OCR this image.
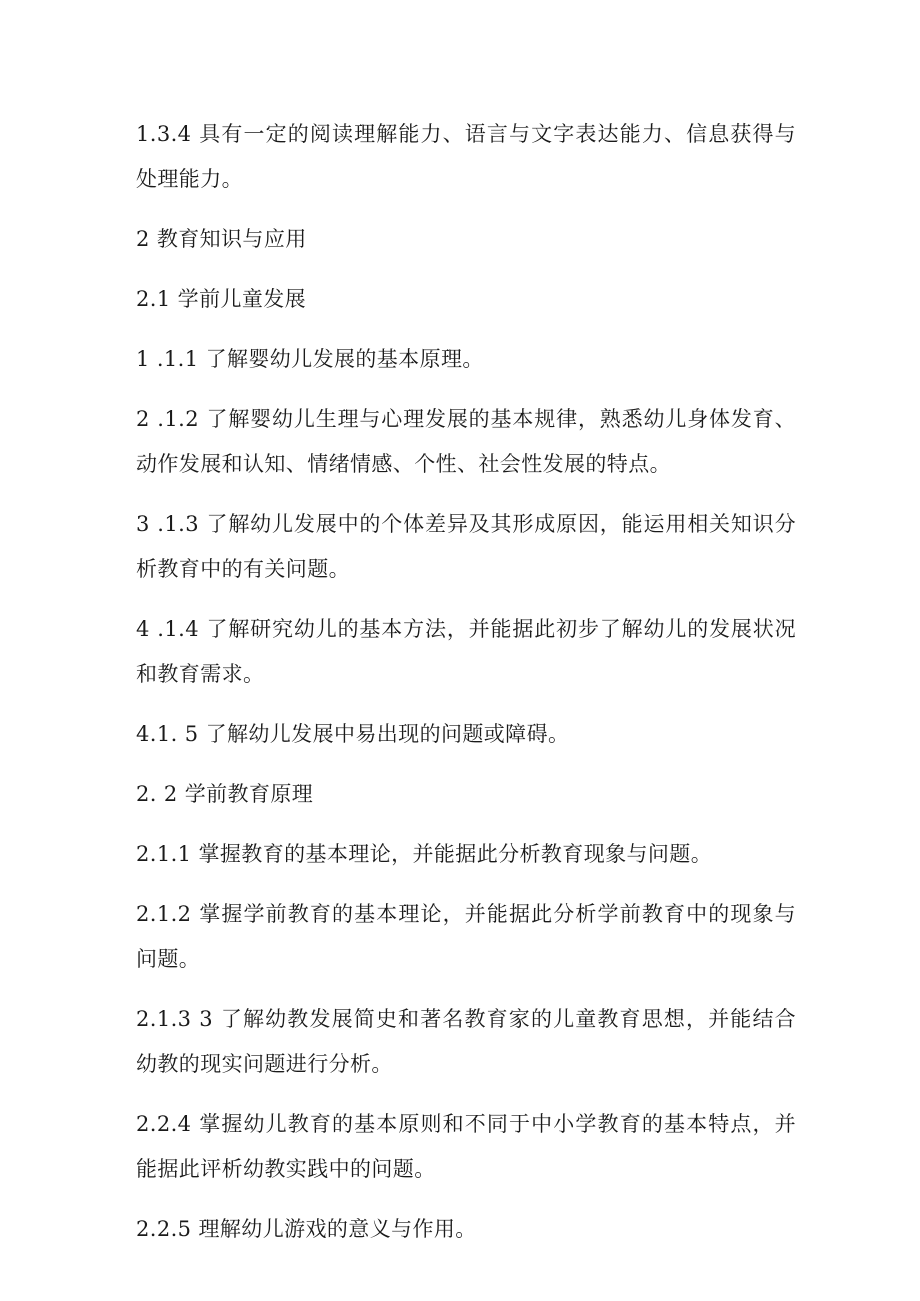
1.3.4 具有一定的阅读理解能力、语言与文字表达能力、信息获得与处理能力。

2 教育知识与应用

2.1 学前儿童发展

1 .1.1 了解婴幼儿发展的基本原理。

2 .1.2 了解婴幼儿生理与心理发展的基本规律，熟悉幼儿身体发育、动作发展和认知、情绪情感、个性、社会性发展的特点。

3 .1.3 了解幼儿发展中的个体差异及其形成原因，能运用相关知识分析教育中的有关问题。

4 .1.4 了解研究幼儿的基本方法，并能据此初步了解幼儿的发展状况和教育需求。

4.1. 5 了解幼儿发展中易出现的问题或障碍。

2. 2 学前教育原理

2.1.1 掌握教育的基本理论，并能据此分析教育现象与问题。

2.1.2 掌握学前教育的基本理论，并能据此分析学前教育中的现象与问题。

2.1.3 3 了解幼教发展简史和著名教育家的儿童教育思想，并能结合幼教的现实问题进行分析。

2.2.4 掌握幼儿教育的基本原则和不同于中小学教育的基本特点，并能据此评析幼教实践中的问题。

2.2.5 理解幼儿游戏的意义与作用。
